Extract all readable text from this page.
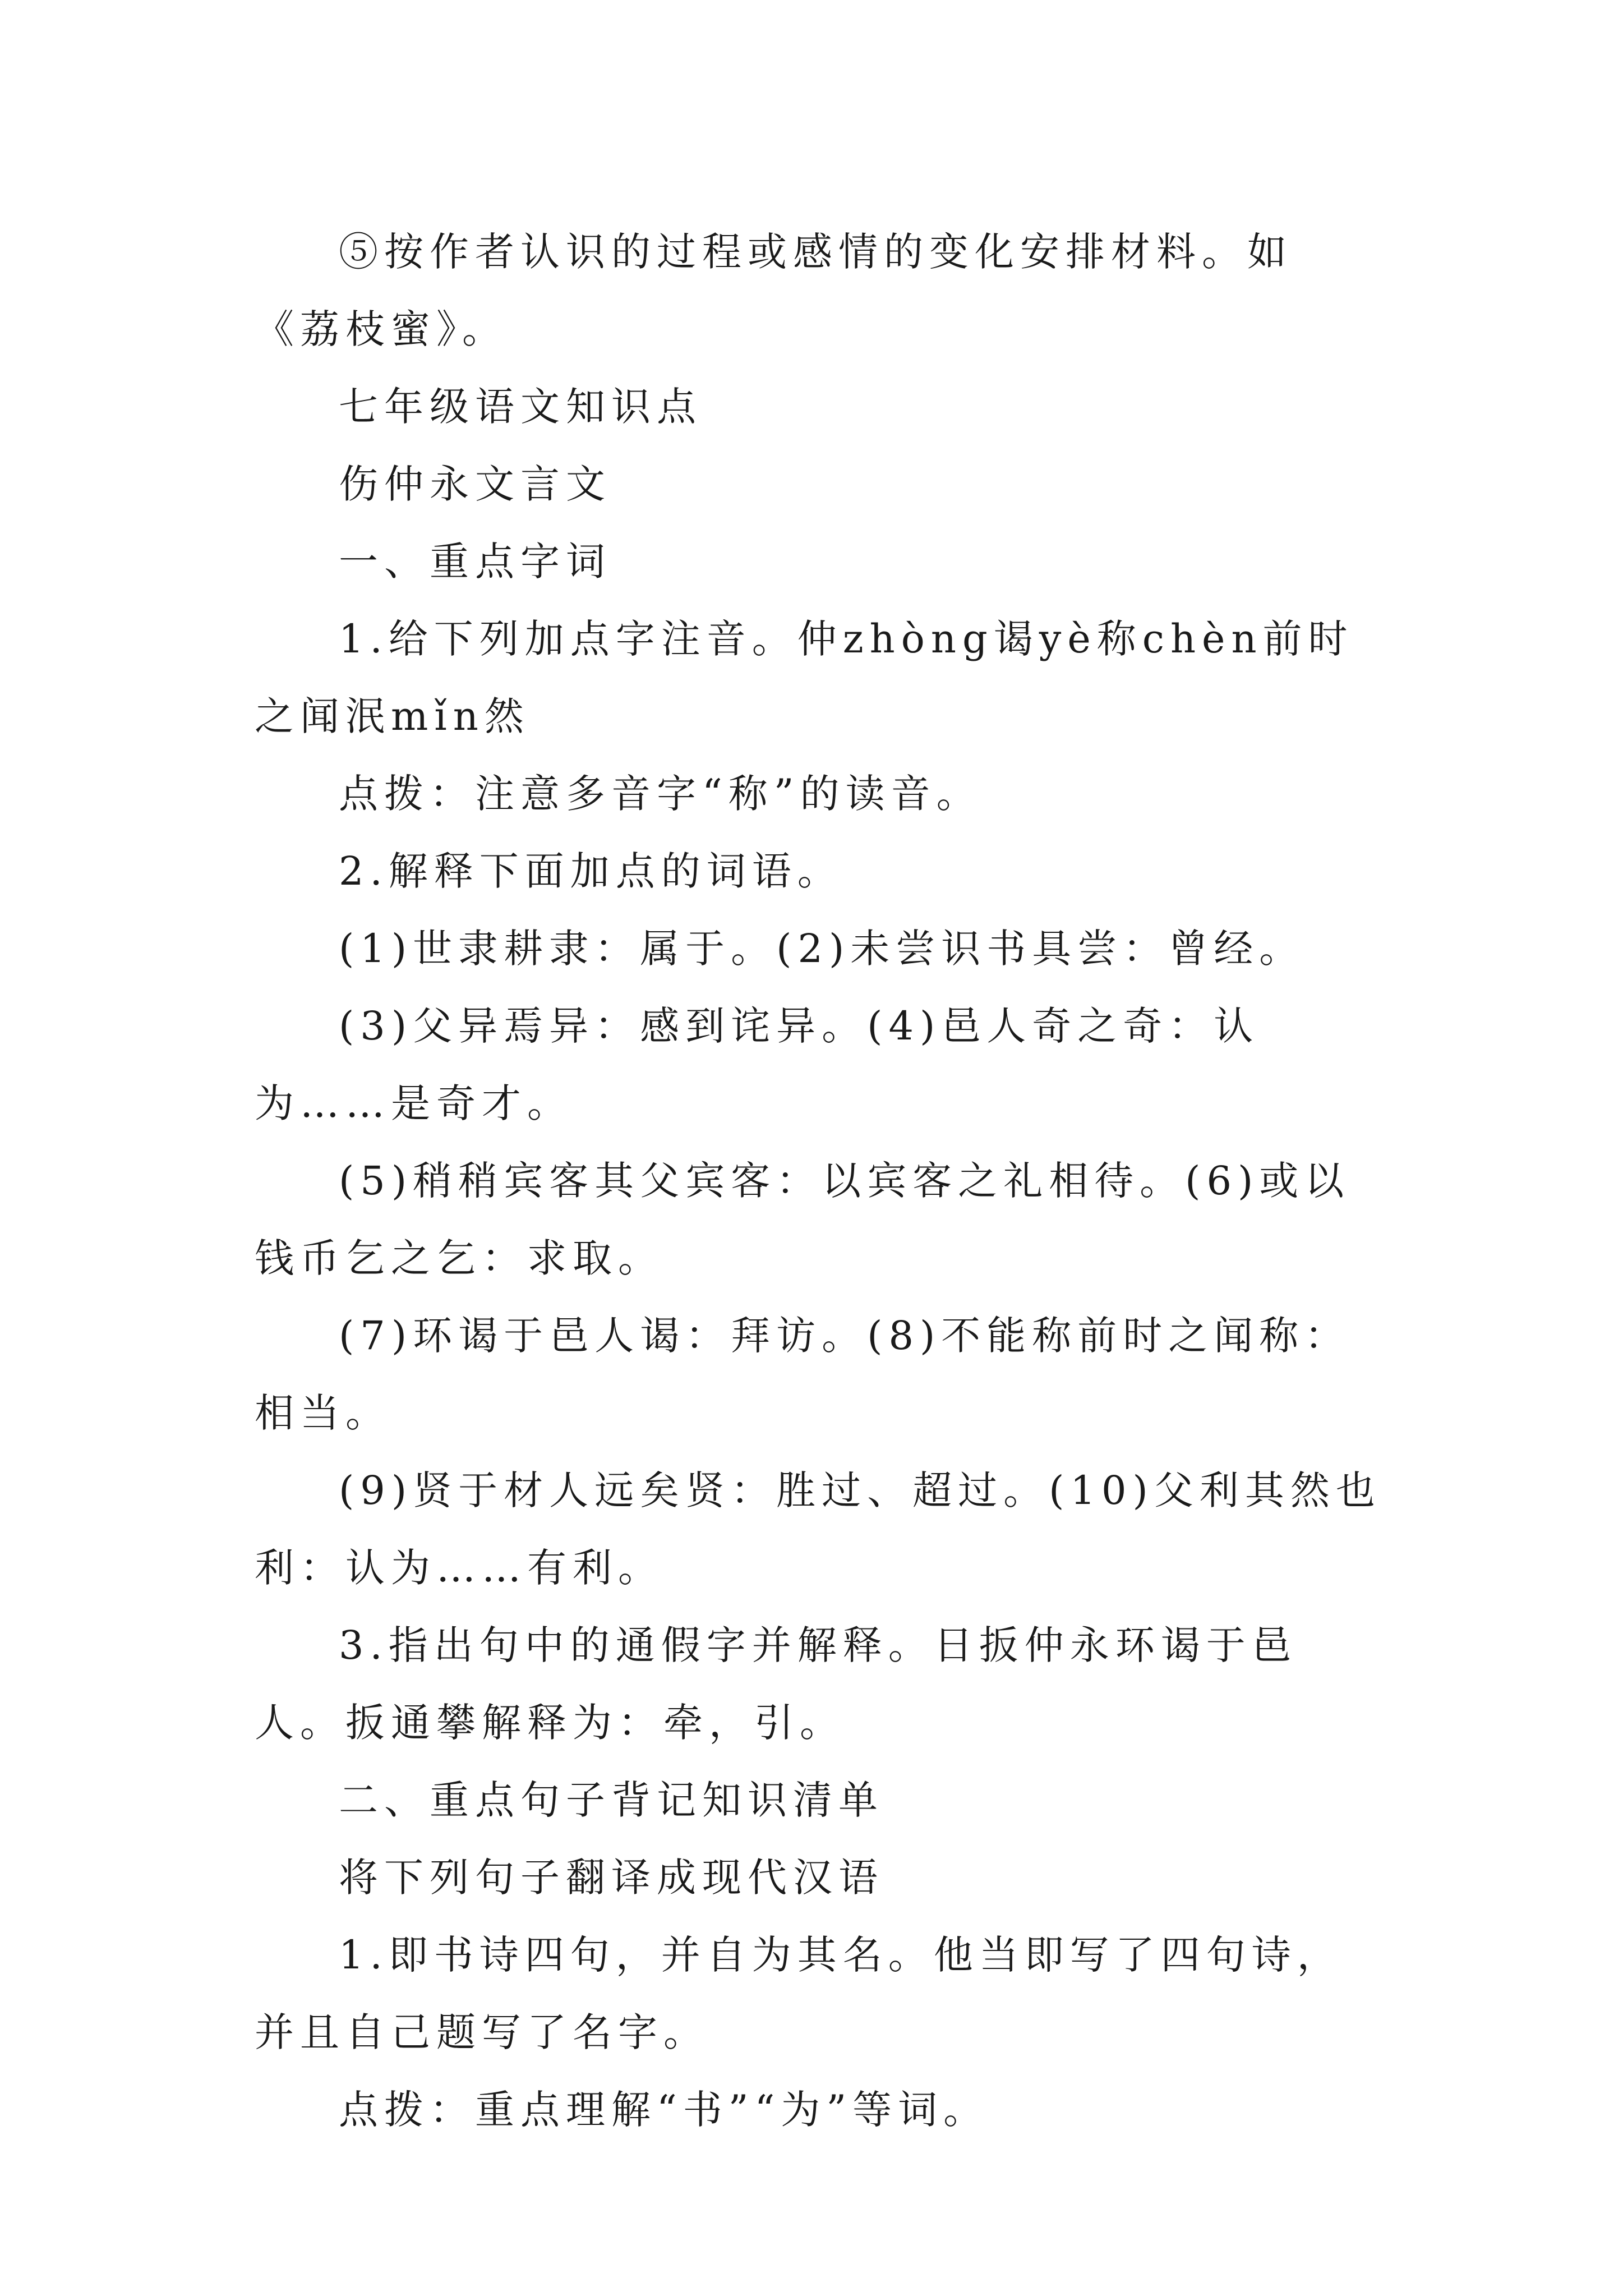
⑤按作者认识的过程或感情的变化安排材料。如《荔枝蜜》。

七年级语文知识点

伤仲永文言文

一、重点字词

1.给下列加点字注音。仲zhòng谒yè称chèn前时之闻泯mǐn然

点拨：注意多音字“称”的读音。

2.解释下面加点的词语。

(1)世隶耕隶：属于。(2)未尝识书具尝：曾经。

(3)父异焉异：感到诧异。(4)邑人奇之奇：认为……是奇才。

(5)稍稍宾客其父宾客：以宾客之礼相待。(6)或以钱币乞之乞：求取。

(7)环谒于邑人谒：拜访。(8)不能称前时之闻称：相当。

(9)贤于材人远矣贤：胜过、超过。(10)父利其然也利：认为……有利。

3.指出句中的通假字并解释。日扳仲永环谒于邑人。扳通攀解释为：牵，引。

二、重点句子背记知识清单

将下列句子翻译成现代汉语

1.即书诗四句，并自为其名。他当即写了四句诗，并且自己题写了名字。

点拨：重点理解“书”“为”等词。
